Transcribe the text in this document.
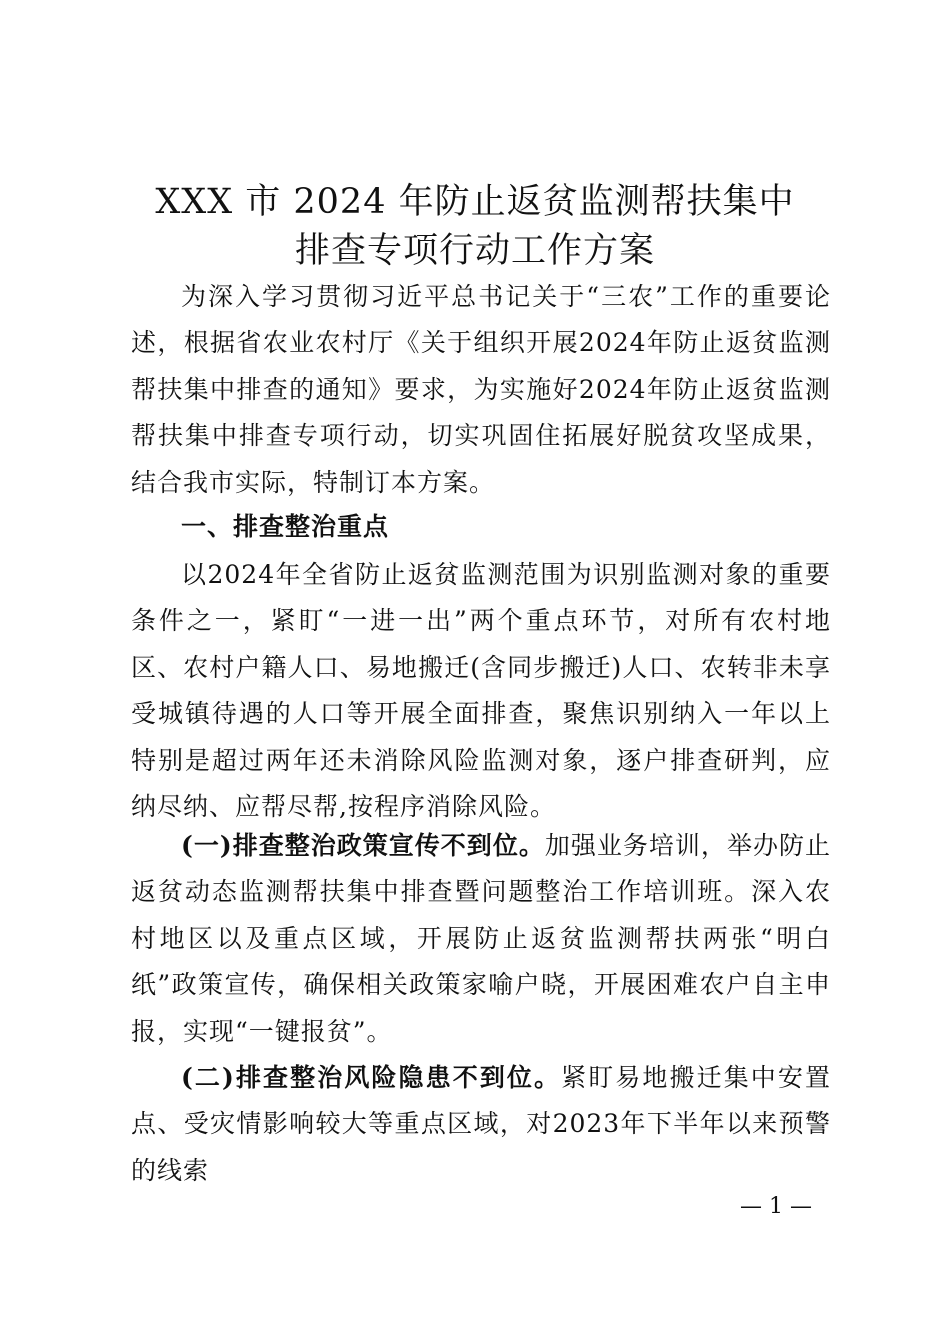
XXX 市 2024 年防止返贫监测帮扶集中
排查专项行动工作方案

为深入学习贯彻习近平总书记关于“三农”工作的重要论述，根据省农业农村厅《关于组织开展2024年防止返贫监测帮扶集中排查的通知》要求，为实施好2024年防止返贫监测帮扶集中排查专项行动，切实巩固住拓展好脱贫攻坚成果，结合我市实际，特制订本方案。

一、排查整治重点

以2024年全省防止返贫监测范围为识别监测对象的重要条件之一，紧盯“一进一出”两个重点环节，对所有农村地区、农村户籍人口、易地搬迁(含同步搬迁)人口、农转非未享受城镇待遇的人口等开展全面排查，聚焦识别纳入一年以上特别是超过两年还未消除风险监测对象，逐户排查研判，应纳尽纳、应帮尽帮,按程序消除风险。

(一)排查整治政策宣传不到位。加强业务培训，举办防止返贫动态监测帮扶集中排查暨问题整治工作培训班。深入农村地区以及重点区域，开展防止返贫监测帮扶两张“明白纸”政策宣传，确保相关政策家喻户晓，开展困难农户自主申报，实现“一键报贫”。

(二)排查整治风险隐患不到位。紧盯易地搬迁集中安置点、受灾情影响较大等重点区域，对2023年下半年以来预警的线索

— 1 —
